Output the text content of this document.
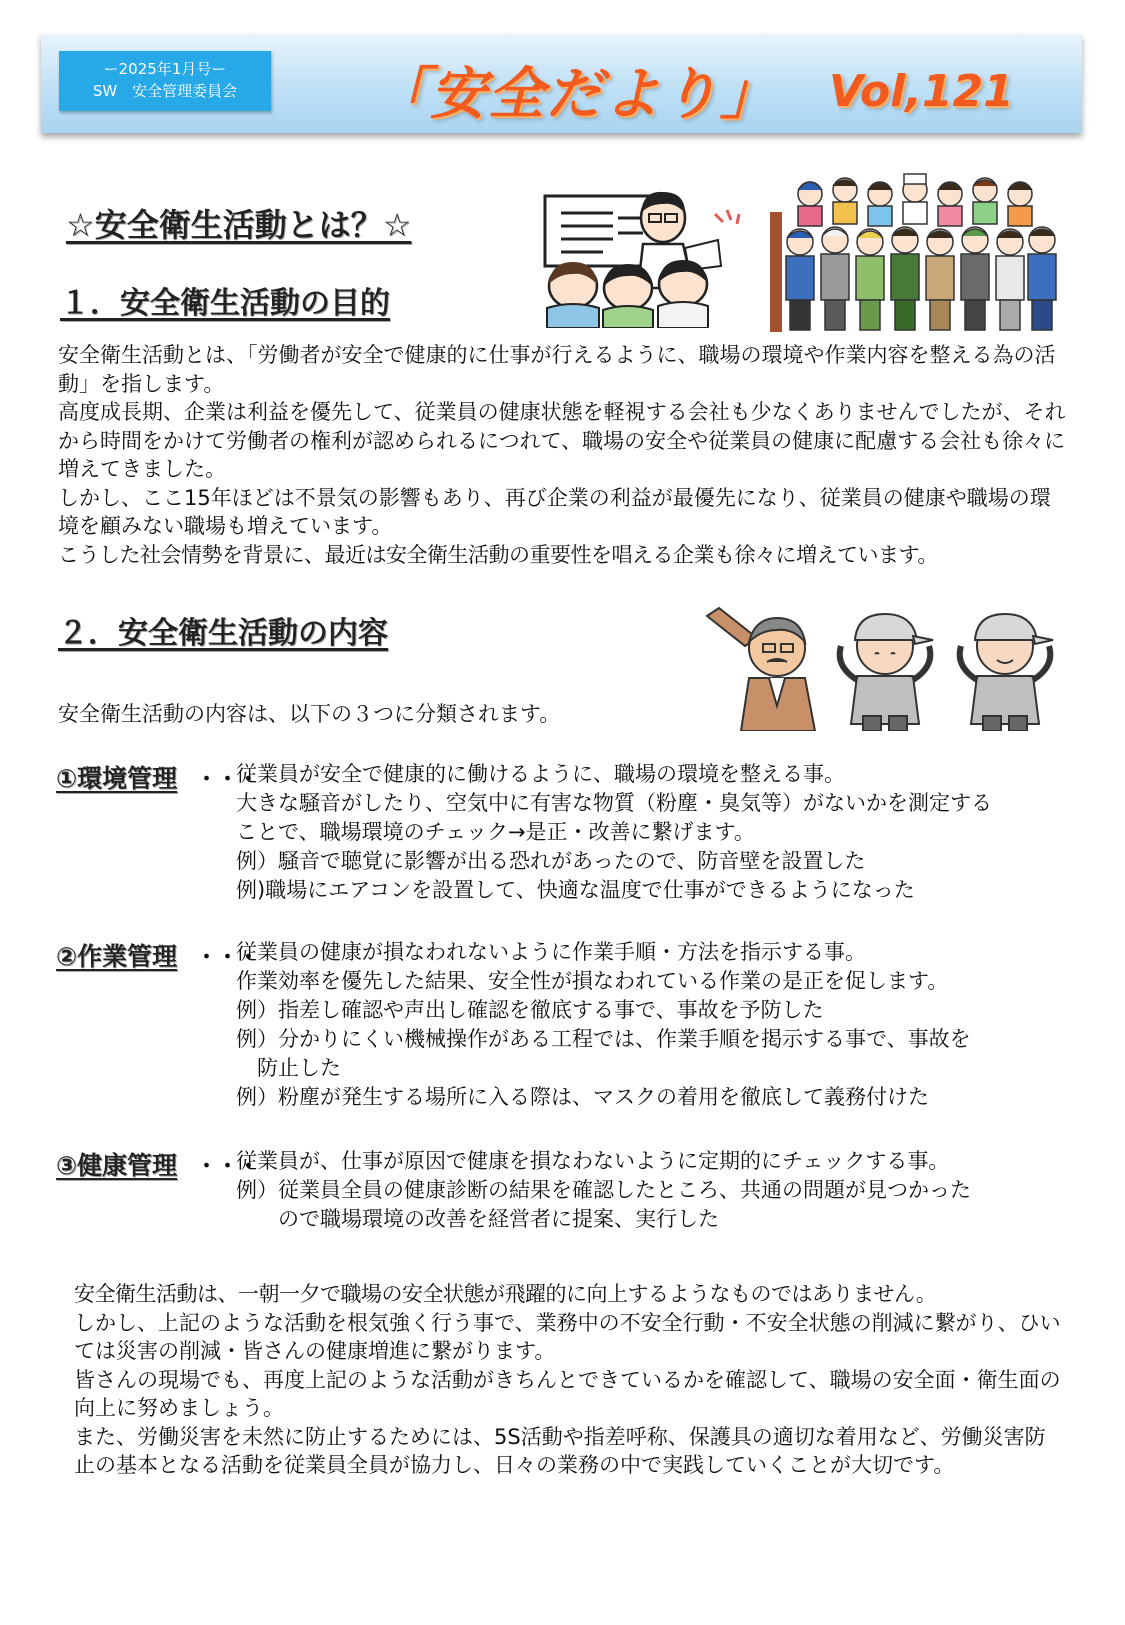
ー2025年1月号ー
SW　安全管理委員会	「安全だより」 Vol,121
☆安全衛生活動とは？☆
１．安全衛生活動の目的

安全衛生活動とは、「労働者が安全で健康的に仕事が行えるように、職場の環境や作業内容を整える為の活動」を指します。

高度成長期、企業は利益を優先して、従業員の健康状態を軽視する会社も少なくありませんでしたが、それから時間をかけて労働者の権利が認められるにつれて、職場の安全や従業員の健康に配慮する会社も徐々に増えてきました。

しかし、ここ15年ほどは不景気の影響もあり、再び企業の利益が最優先になり、従業員の健康や職場の環境を顧みない職場も増えています。

こうした社会情勢を背景に、最近は安全衛生活動の重要性を唱える企業も徐々に増えています。

２．安全衛生活動の内容
安全衛生活動の内容は、以下の３つに分類されます。
①環境管理 ・・・
従業員が安全で健康的に働けるように、職場の環境を整える事。
大きな騒音がしたり、空気中に有害な物質（粉塵・臭気等）がないかを測定する
ことで、職場環境のチェック→是正・改善に繋げます。
例）騒音で聴覚に影響が出る恐れがあったので、防音壁を設置した
例)職場にエアコンを設置して、快適な温度で仕事ができるようになった
②作業管理 ・・・
従業員の健康が損なわれないように作業手順・方法を指示する事。
作業効率を優先した結果、安全性が損なわれている作業の是正を促します。
例）指差し確認や声出し確認を徹底する事で、事故を予防した
例）分かりにくい機械操作がある工程では、作業手順を掲示する事で、事故を
　防止した
例）粉塵が発生する場所に入る際は、マスクの着用を徹底して義務付けた
③健康管理 ・・・
従業員が、仕事が原因で健康を損なわないように定期的にチェックする事。
例）従業員全員の健康診断の結果を確認したところ、共通の問題が見つかった
　　ので職場環境の改善を経営者に提案、実行した

安全衛生活動は、一朝一夕で職場の安全状態が飛躍的に向上するようなものではありません。

しかし、上記のような活動を根気強く行う事で、業務中の不安全行動・不安全状態の削減に繋がり、ひいては災害の削減・皆さんの健康増進に繋がります。

皆さんの現場でも、再度上記のような活動がきちんとできているかを確認して、職場の安全面・衛生面の向上に努めましょう。

また、労働災害を未然に防止するためには、5S活動や指差呼称、保護具の適切な着用など、労働災害防止の基本となる活動を従業員全員が協力し、日々の業務の中で実践していくことが大切です。
